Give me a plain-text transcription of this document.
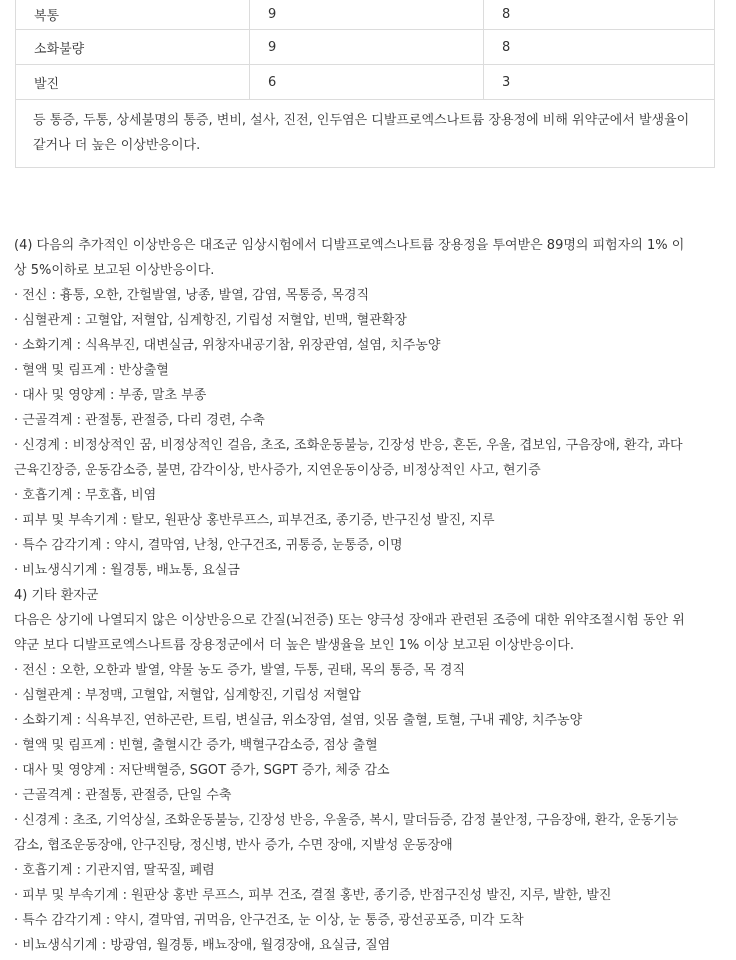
복통	9	8
소화불량	9	8
발진	6	3
등 통증, 두통, 상세불명의 통증, 변비, 설사, 진전, 인두염은 디발프로엑스나트륨 장용정에 비해 위약군에서 발생율이 같거나 더 높은 이상반응이다.		
(4) 다음의 추가적인 이상반응은 대조군 임상시험에서 디발프로엑스나트륨 장용정을 투여받은 89명의 피험자의 1% 이
상 5%이하로 보고된 이상반응이다.
· 전신 : 흉통, 오한, 간헐발열, 낭종, 발열, 감염, 목통증, 목경직
· 심혈관계 : 고혈압, 저혈압, 심계항진, 기립성 저혈압, 빈맥, 혈관확장
· 소화기계 : 식욕부진, 대변실금, 위창자내공기참, 위장관염, 설염, 치주농양
· 혈액 및 림프계 : 반상출혈
· 대사 및 영양계 : 부종, 말초 부종
· 근골격계 : 관절통, 관절증, 다리 경련, 수축
· 신경계 : 비정상적인 꿈, 비정상적인 걸음, 초조, 조화운동불능, 긴장성 반응, 혼돈, 우울, 겹보임, 구음장애, 환각, 과다
근육긴장증, 운동감소증, 불면, 감각이상, 반사증가, 지연운동이상증, 비정상적인 사고, 현기증
· 호흡기계 : 무호흡, 비염
· 피부 및 부속기계 : 탈모, 원판상 홍반루프스, 피부건조, 종기증, 반구진성 발진, 지루
· 특수 감각기계 : 약시, 결막염, 난청, 안구건조, 귀통증, 눈통증, 이명
· 비뇨생식기계 : 월경통, 배뇨통, 요실금
4) 기타 환자군
다음은 상기에 나열되지 않은 이상반응으로 간질(뇌전증) 또는 양극성 장애과 관련된 조증에 대한 위약조절시험 동안 위
약군 보다 디발프로엑스나트륨 장용정군에서 더 높은 발생율을 보인 1% 이상 보고된 이상반응이다.
· 전신 : 오한, 오한과 발열, 약물 농도 증가, 발열, 두통, 권태, 목의 통증, 목 경직
· 심혈관계 : 부정맥, 고혈압, 저혈압, 심계항진, 기립성 저혈압
· 소화기계 : 식욕부진, 연하곤란, 트림, 변실금, 위소장염, 설염, 잇몸 출혈, 토혈, 구내 궤양, 치주농양
· 혈액 및 림프계 : 빈혈, 출혈시간 증가, 백혈구감소증, 점상 출혈
· 대사 및 영양계 : 저단백혈증, SGOT 증가, SGPT 증가, 체중 감소
· 근골격계 : 관절통, 관절증, 단일 수축
· 신경계 : 초조, 기억상실, 조화운동불능, 긴장성 반응, 우울증, 복시, 말더듬증, 감정 불안정, 구음장애, 환각, 운동기능
감소, 협조운동장애, 안구진탕, 정신병, 반사 증가, 수면 장애, 지발성 운동장애
· 호흡기계 : 기관지염, 딸꾹질, 폐렴
· 피부 및 부속기계 : 원판상 홍반 루프스, 피부 건조, 결절 홍반, 종기증, 반점구진성 발진, 지루, 발한, 발진
· 특수 감각기계 : 약시, 결막염, 귀먹음, 안구건조, 눈 이상, 눈 통증, 광선공포증, 미각 도착
· 비뇨생식기계 : 방광염, 월경통, 배뇨장애, 월경장애, 요실금, 질염
